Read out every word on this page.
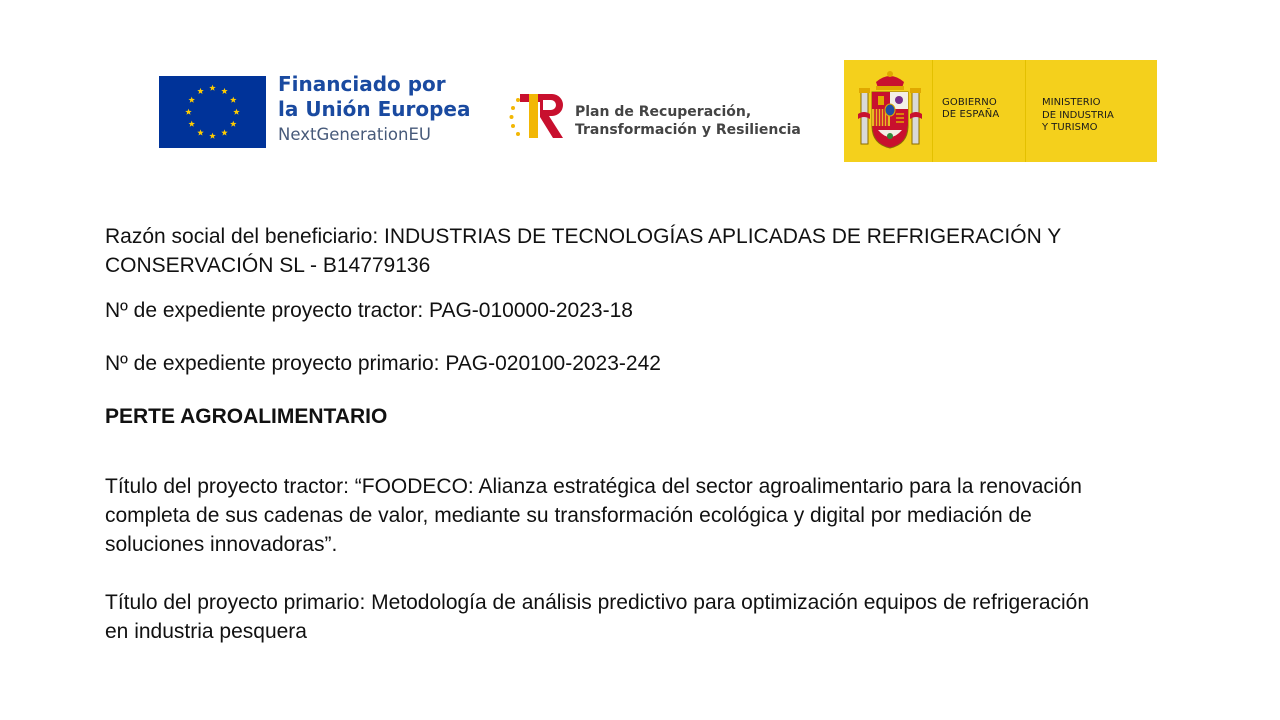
Financiado por
la Unión Europea
NextGenerationEU
Plan de Recuperación,
Transformación y Resiliencia
GOBIERNO
DE ESPAÑA
MINISTERIO
DE INDUSTRIA
Y TURISMO

Razón social del beneficiario: INDUSTRIAS DE TECNOLOGÍAS APLICADAS DE REFRIGERACIÓN Y
CONSERVACIÓN SL - B14779136

Nº de expediente proyecto tractor: PAG-010000-2023-18

Nº de expediente proyecto primario: PAG-020100-2023-242

PERTE AGROALIMENTARIO

Título del proyecto tractor: “FOODECO: Alianza estratégica del sector agroalimentario para la renovación
completa de sus cadenas de valor, mediante su transformación ecológica y digital por mediación de
soluciones innovadoras”.

Título del proyecto primario: Metodología de análisis predictivo para optimización equipos de refrigeración
en industria pesquera
